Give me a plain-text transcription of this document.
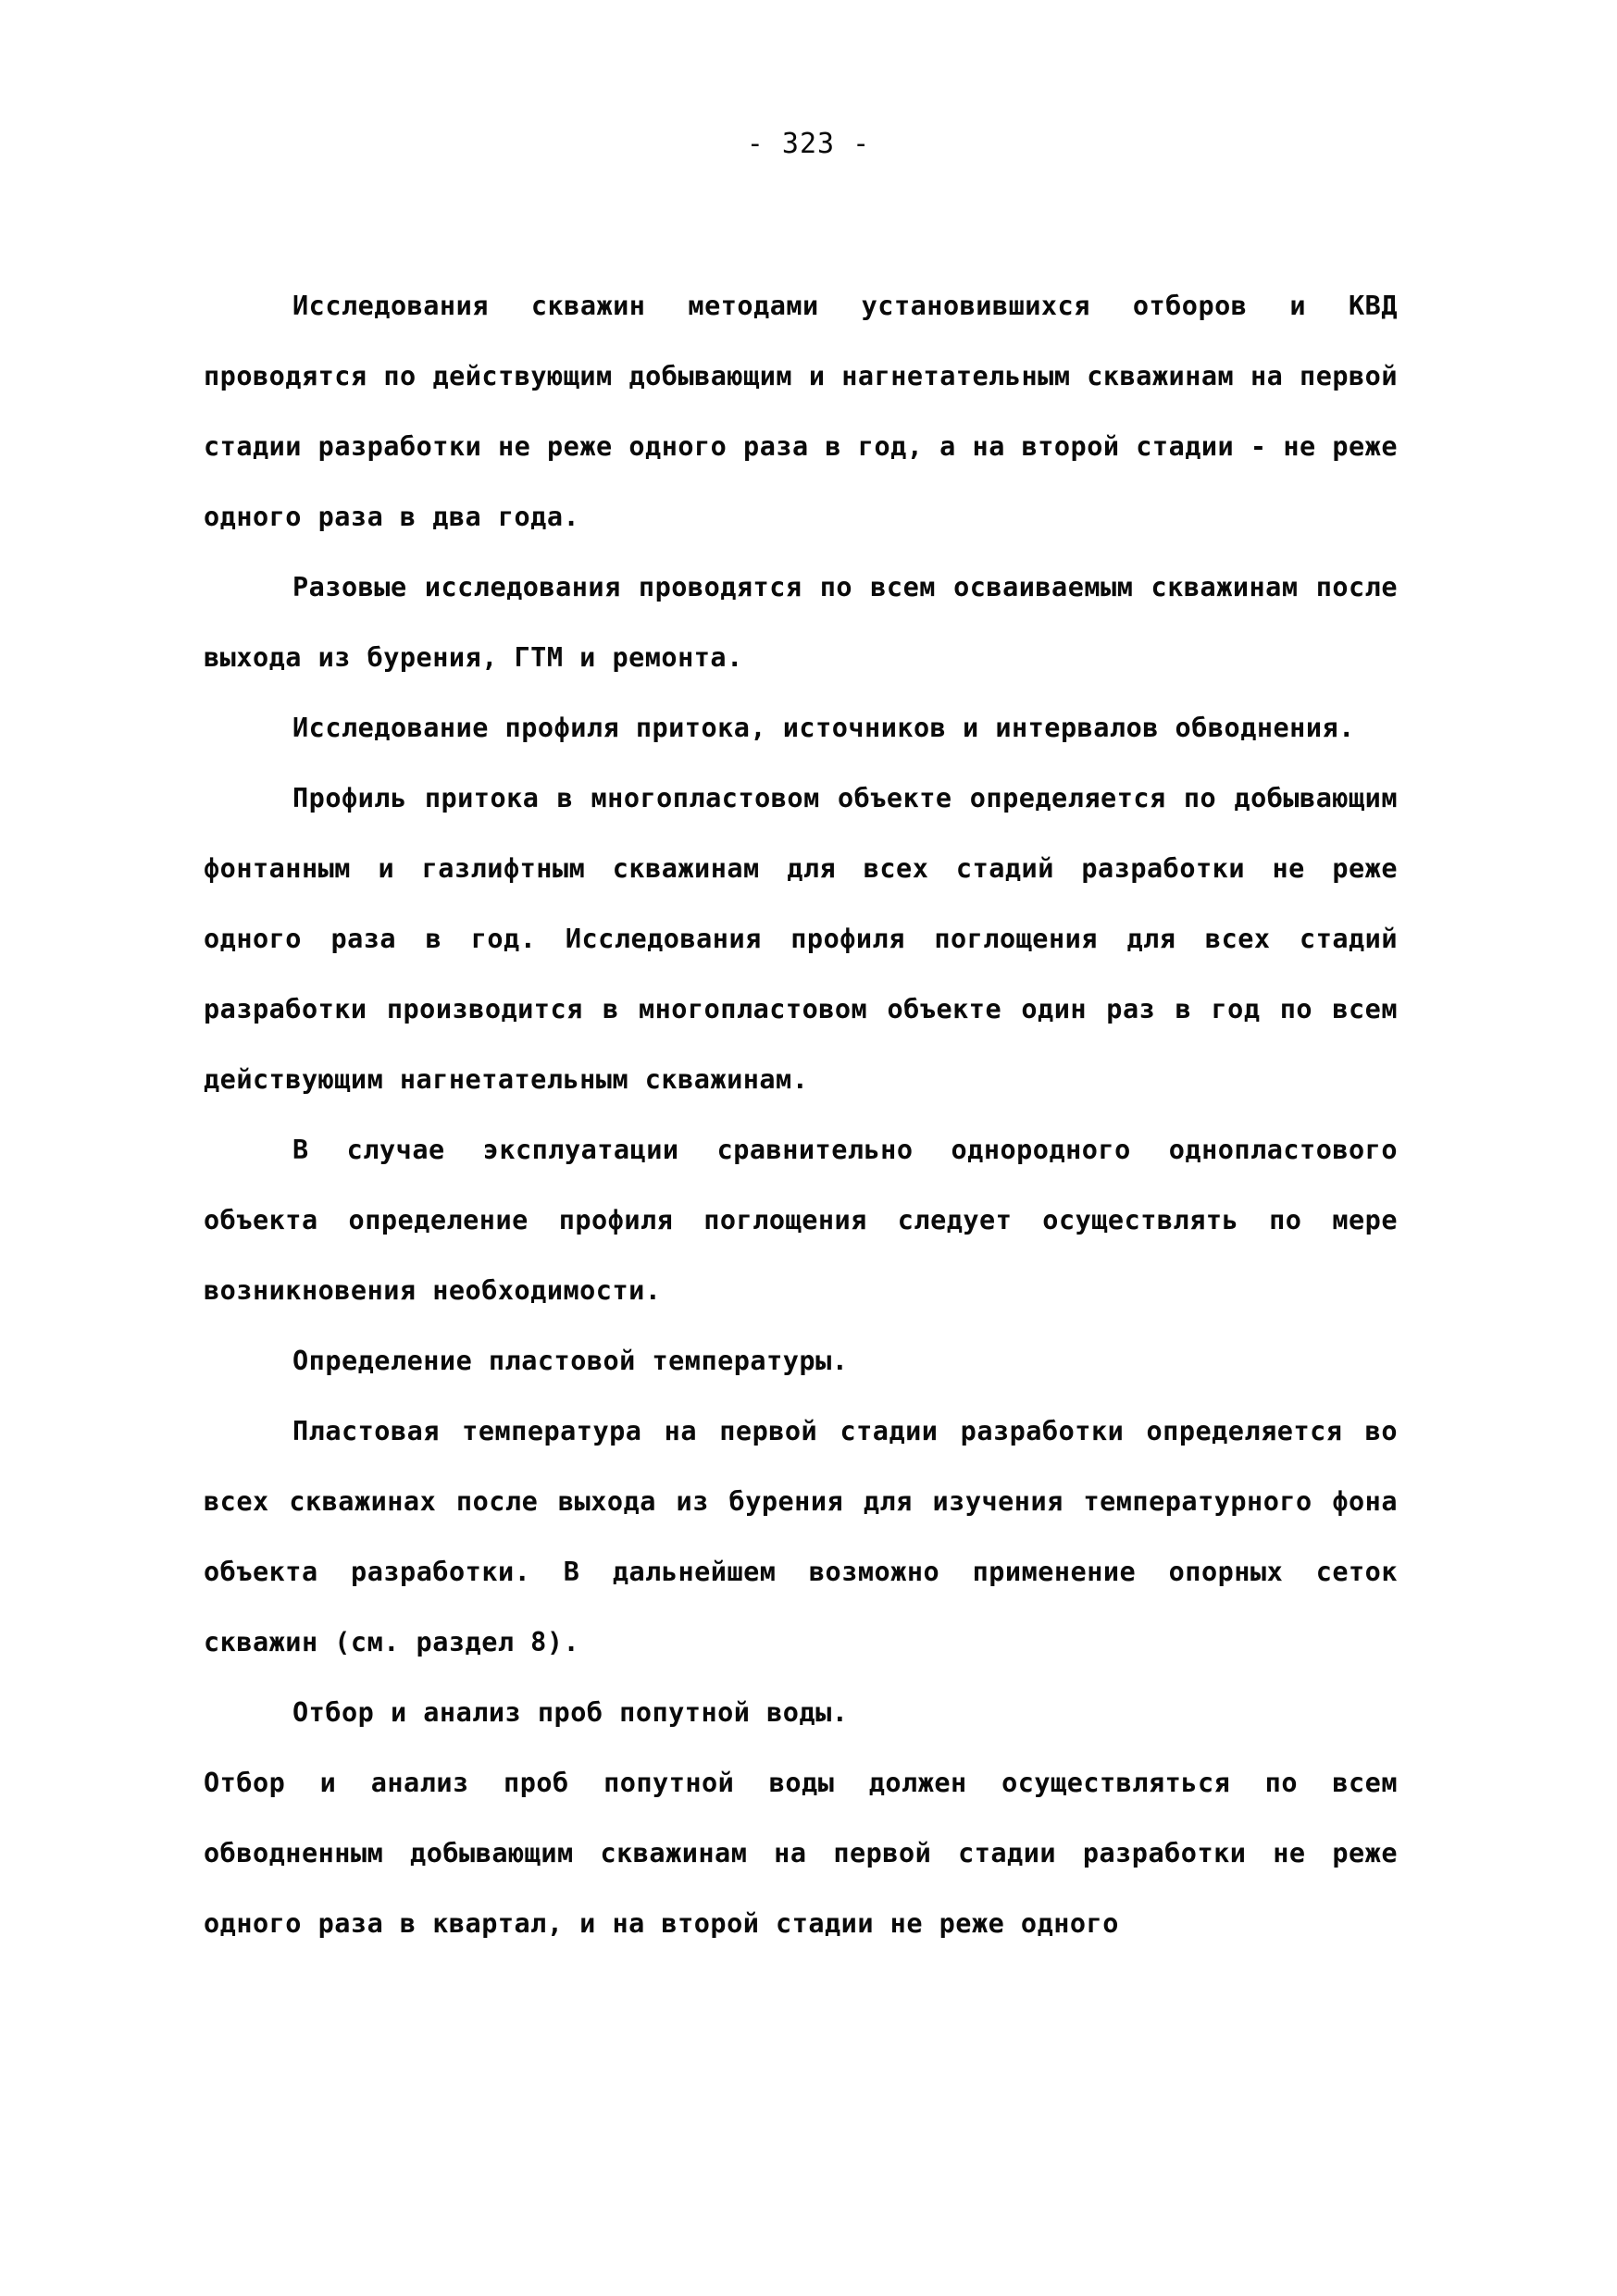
- 323 -

Исследования скважин методами установившихся отборов и КВД проводятся по действующим добывающим и нагнетательным скважинам на первой стадии разработки не реже одного раза в год, а на второй стадии - не реже одного раза в два года.

Разовые исследования проводятся по всем осваиваемым скважинам после выхода из бурения, ГТМ и ремонта.

Исследование профиля притока, источников и интервалов обводнения.

Профиль притока в многопластовом объекте определяется по добывающим фонтанным и газлифтным скважинам для всех стадий разработки не реже одного раза в год. Исследования профиля поглощения для всех стадий разработки производится в многопластовом объекте один раз в год по всем действующим нагнетательным скважинам.

В случае эксплуатации сравнительно однородного однопластового объекта определение профиля поглощения следует осуществлять по мере возникновения необходимости.

Определение пластовой температуры.

Пластовая температура на первой стадии разработки определяется во всех скважинах после выхода из бурения для изучения температурного фона объекта разработки. В дальнейшем возможно применение опорных сеток скважин (см. раздел 8).

Отбор и анализ проб попутной воды.

Отбор и анализ проб попутной воды должен осуществляться по всем обводненным добывающим скважинам на первой стадии разработки не реже одного раза в квартал, и на второй стадии не реже одного
